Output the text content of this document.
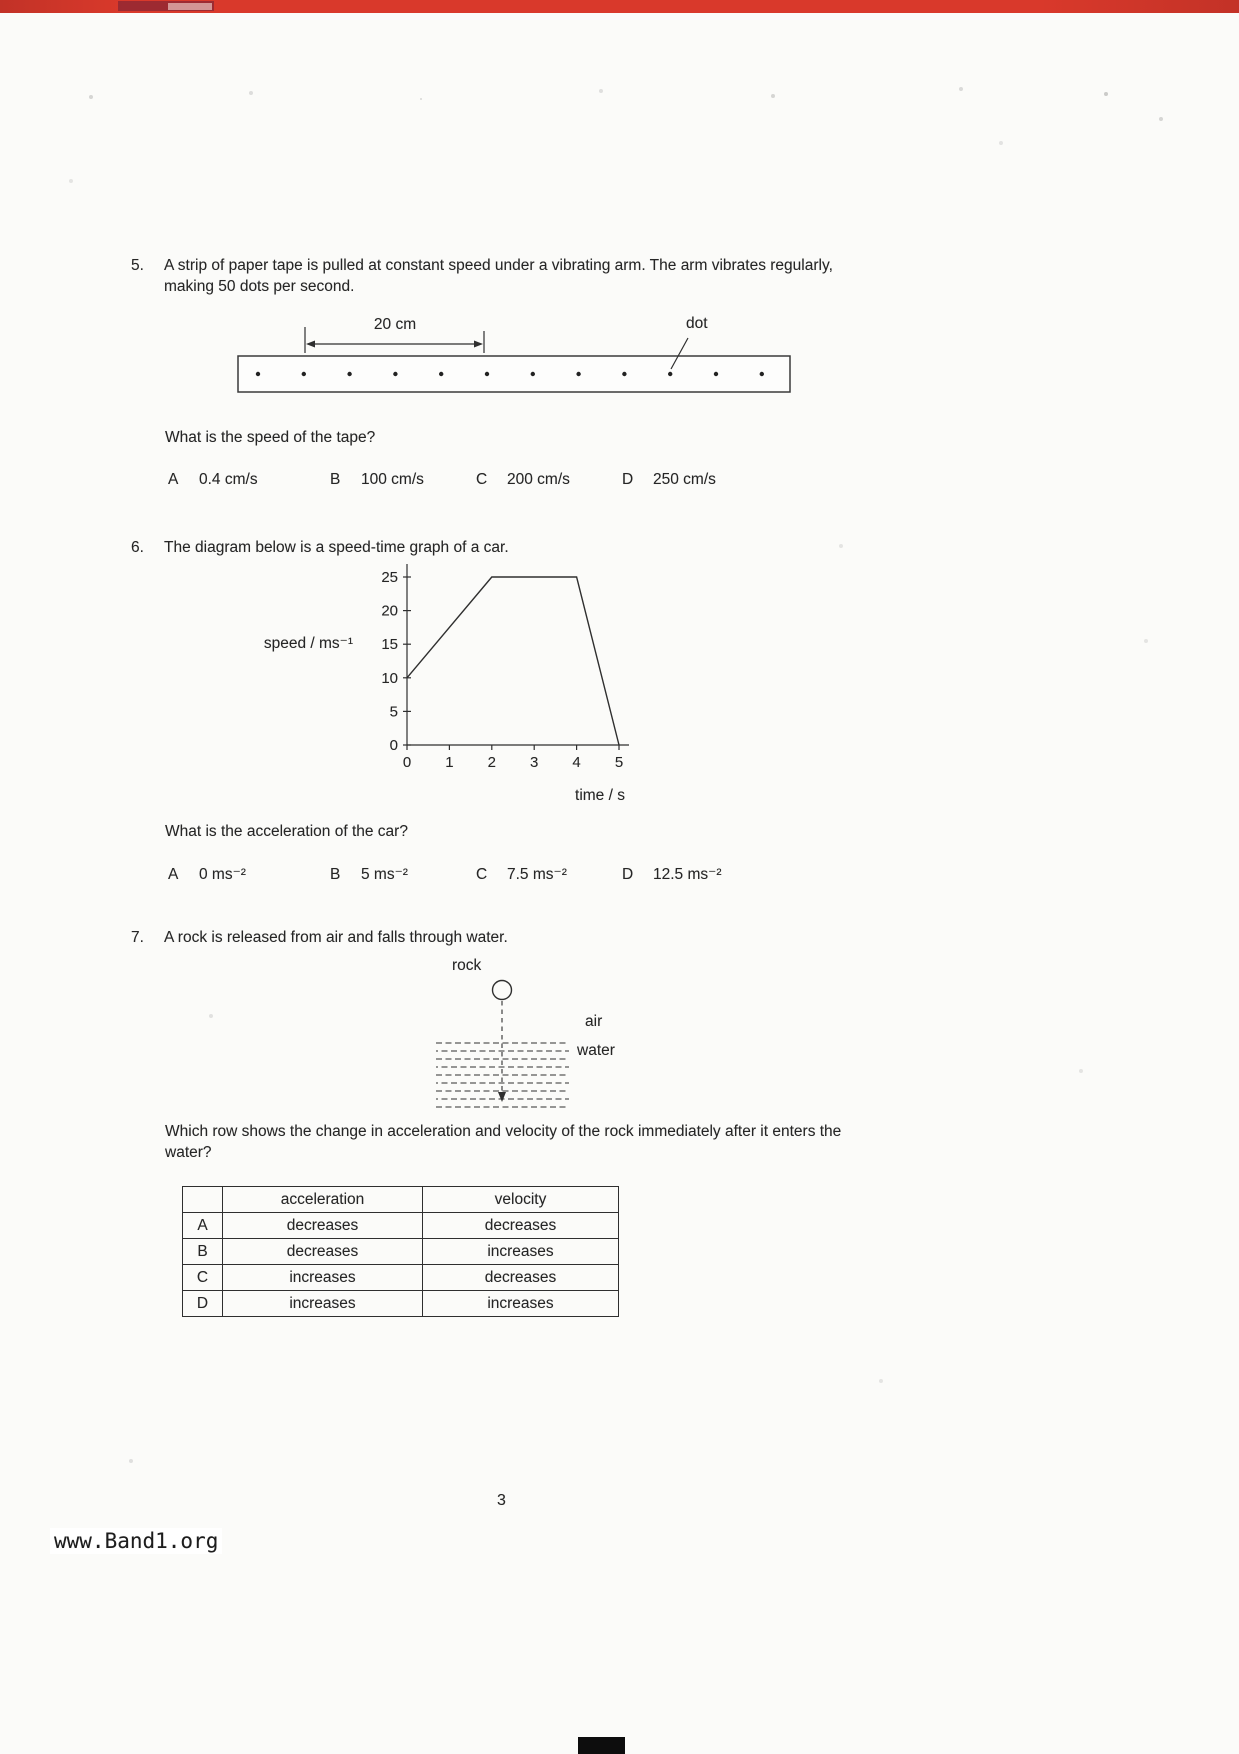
5.	A strip of paper tape is pulled at constant speed under a vibrating arm. The arm vibrates regularly, making 50 dots per second.
20 cm	dot
What is the speed of the tape?
A 0.4 cm/s	B 100 cm/s	C 200 cm/s	D 250 cm/s
6.	The diagram below is a speed-time graph of a car.
0
5
10
15
20
25
0 1 2 3 4 5
speed / ms⁻¹
time / s
What is the acceleration of the car?
A 0 ms⁻²	B 5 ms⁻²	C 7.5 ms⁻²	D 12.5 ms⁻²
7.	A rock is released from air and falls through water.
rock
air
water
Which row shows the change in acceleration and velocity of the rock immediately after it enters the water?
	acceleration	velocity
A	decreases	decreases
B	decreases	increases
C	increases	decreases
D	increases	increases
3
www.Band1.org
